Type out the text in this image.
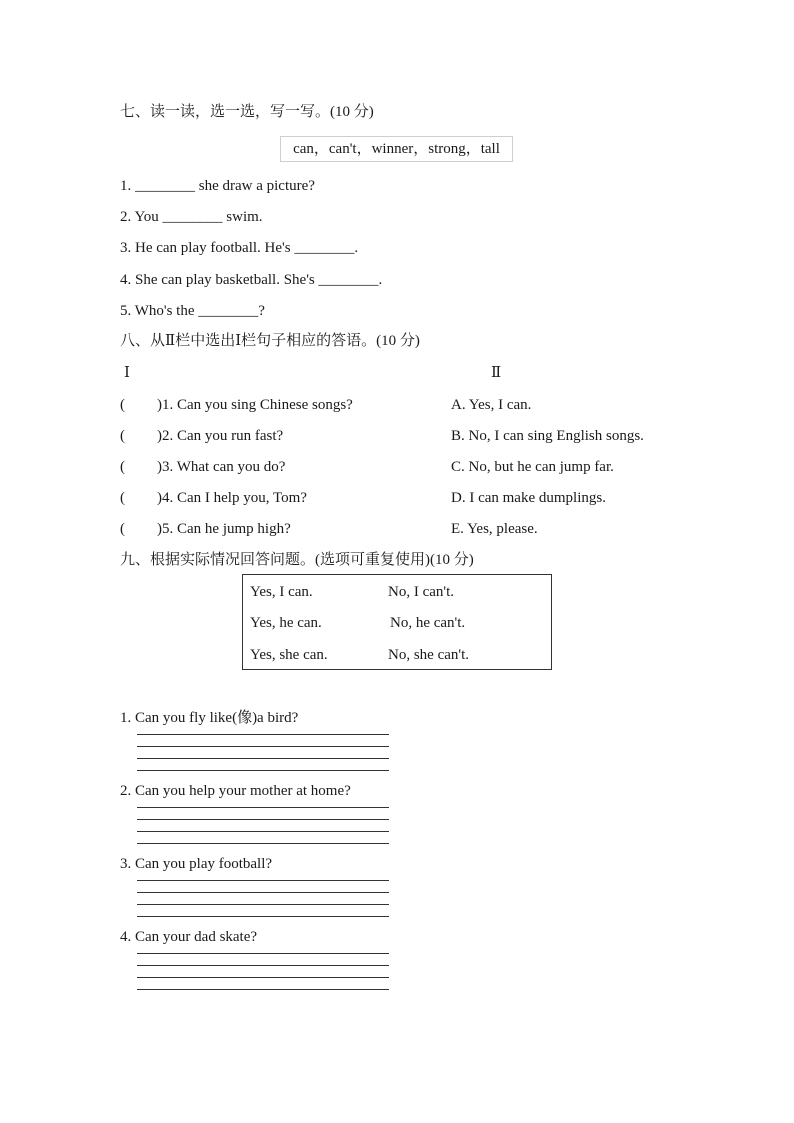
七、读一读，选一选，写一写。(10 分)
can，can't，winner，strong，tall
1. ________ she draw a picture?
2. You ________ swim.
3. He can play football. He's ________.
4. She can play basketball. She's ________.
5. Who's the ________?
八、从Ⅱ栏中选出Ⅰ栏句子相应的答语。(10 分)
Ⅰ	Ⅱ
( )1. Can you sing Chinese songs?	A. Yes, I can.
( )2. Can you run fast?	B. No, I can sing English songs.
( )3. What can you do?	C. No, but he can jump far.
( )4. Can I help you, Tom?	D. I can make dumplings.
( )5. Can he jump high?	E. Yes, please.
九、根据实际情况回答问题。(选项可重复使用)(10 分)
Yes, I can.	No, I can't.
Yes, he can.	No, he can't.
Yes, she can.	No, she can't.
1. Can you fly like(像)a bird?
2. Can you help your mother at home?
3. Can you play football?
4. Can your dad skate?
